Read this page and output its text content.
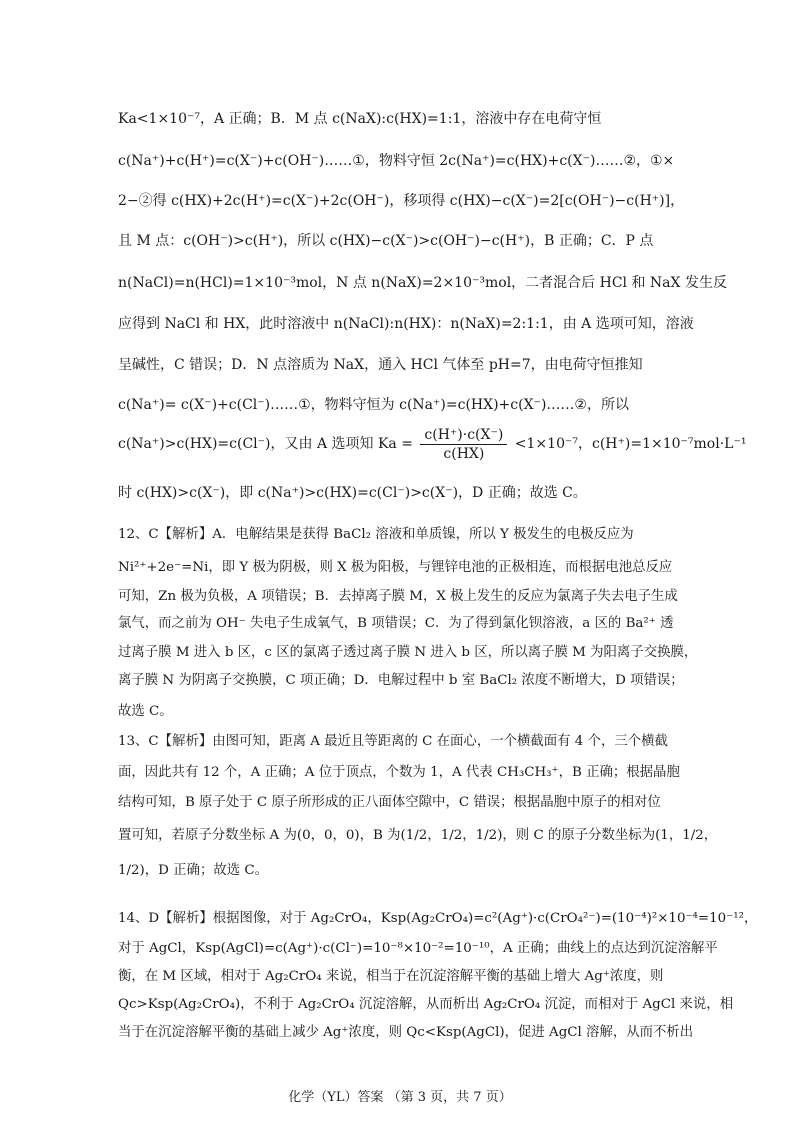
Ka<1×10⁻⁷，A 正确；B．M 点 c(NaX):c(HX)=1:1，溶液中存在电荷守恒
c(Na⁺)+c(H⁺)=c(X⁻)+c(OH⁻)……①，物料守恒 2c(Na⁺)=c(HX)+c(X⁻)……②，①×
2−②得 c(HX)+2c(H⁺)=c(X⁻)+2c(OH⁻)，移项得 c(HX)−c(X⁻)=2[c(OH⁻)−c(H⁺)]，
且 M 点：c(OH⁻)>c(H⁺)，所以 c(HX)−c(X⁻)>c(OH⁻)−c(H⁺)，B 正确；C．P 点
n(NaCl)=n(HCl)=1×10⁻³mol，N 点 n(NaX)=2×10⁻³mol，二者混合后 HCl 和 NaX 发生反
应得到 NaCl 和 HX，此时溶液中 n(NaCl):n(HX)：n(NaX)=2:1:1，由 A 选项可知，溶液
呈碱性，C 错误；D．N 点溶质为 NaX，通入 HCl 气体至 pH=7，由电荷守恒推知
c(Na⁺)= c(X⁻)+c(Cl⁻)……①，物料守恒为 c(Na⁺)=c(HX)+c(X⁻)……②，所以
c(Na⁺)>c(HX)=c(Cl⁻)，又由 A 选项知 $Ka = \frac{c(H^+)\cdot c(X^-)}{c(HX)} <1\times 10^{-7}$，c(H⁺)=1×10⁻⁷mol·L⁻¹
时 c(HX)>c(X⁻)，即 c(Na⁺)>c(HX)=c(Cl⁻)>c(X⁻)，D 正确；故选 C。
12、C【解析】A．电解结果是获得 BaCl₂ 溶液和单质镍，所以 Y 极发生的电极反应为
Ni²⁺+2e⁻=Ni，即 Y 极为阴极，则 X 极为阳极，与锂锌电池的正极相连，而根据电池总反应
可知，Zn 极为负极，A 项错误；B．去掉离子膜 M，X 极上发生的反应为氯离子失去电子生成
氯气，而之前为 OH⁻ 失电子生成氧气，B 项错误；C．为了得到氯化钡溶液，a 区的 Ba²⁺ 透
过离子膜 M 进入 b 区，c 区的氯离子透过离子膜 N 进入 b 区，所以离子膜 M 为阳离子交换膜，
离子膜 N 为阴离子交换膜，C 项正确；D．电解过程中 b 室 BaCl₂ 浓度不断增大，D 项错误；
故选 C。
13、C【解析】由图可知，距离 A 最近且等距离的 C 在面心，一个横截面有 4 个，三个横截
面，因此共有 12 个，A 正确；A 位于顶点，个数为 1，A 代表 CH₃CH₃⁺，B 正确；根据晶胞
结构可知，B 原子处于 C 原子所形成的正八面体空隙中，C 错误；根据晶胞中原子的相对位
置可知，若原子分数坐标 A 为(0，0，0)，B 为(1/2，1/2，1/2)，则 C 的原子分数坐标为(1，1/2，
1/2)，D 正确；故选 C。
14、D【解析】根据图像，对于 Ag₂CrO₄，Ksp(Ag₂CrO₄)=c²(Ag⁺)·c(CrO₄²⁻)=(10⁻⁴)²×10⁻⁴=10⁻¹²，
对于 AgCl，Ksp(AgCl)=c(Ag⁺)·c(Cl⁻)=10⁻⁸×10⁻²=10⁻¹⁰，A 正确；曲线上的点达到沉淀溶解平
衡，在 M 区域，相对于 Ag₂CrO₄ 来说，相当于在沉淀溶解平衡的基础上增大 Ag⁺浓度，则
Qc>Ksp(Ag₂CrO₄)，不利于 Ag₂CrO₄ 沉淀溶解，从而析出 Ag₂CrO₄ 沉淀，而相对于 AgCl 来说，相
当于在沉淀溶解平衡的基础上减少 Ag⁺浓度，则 Qc<Ksp(AgCl)，促进 AgCl 溶解，从而不析出
化学（YL）答案 （第 3 页，共 7 页）
